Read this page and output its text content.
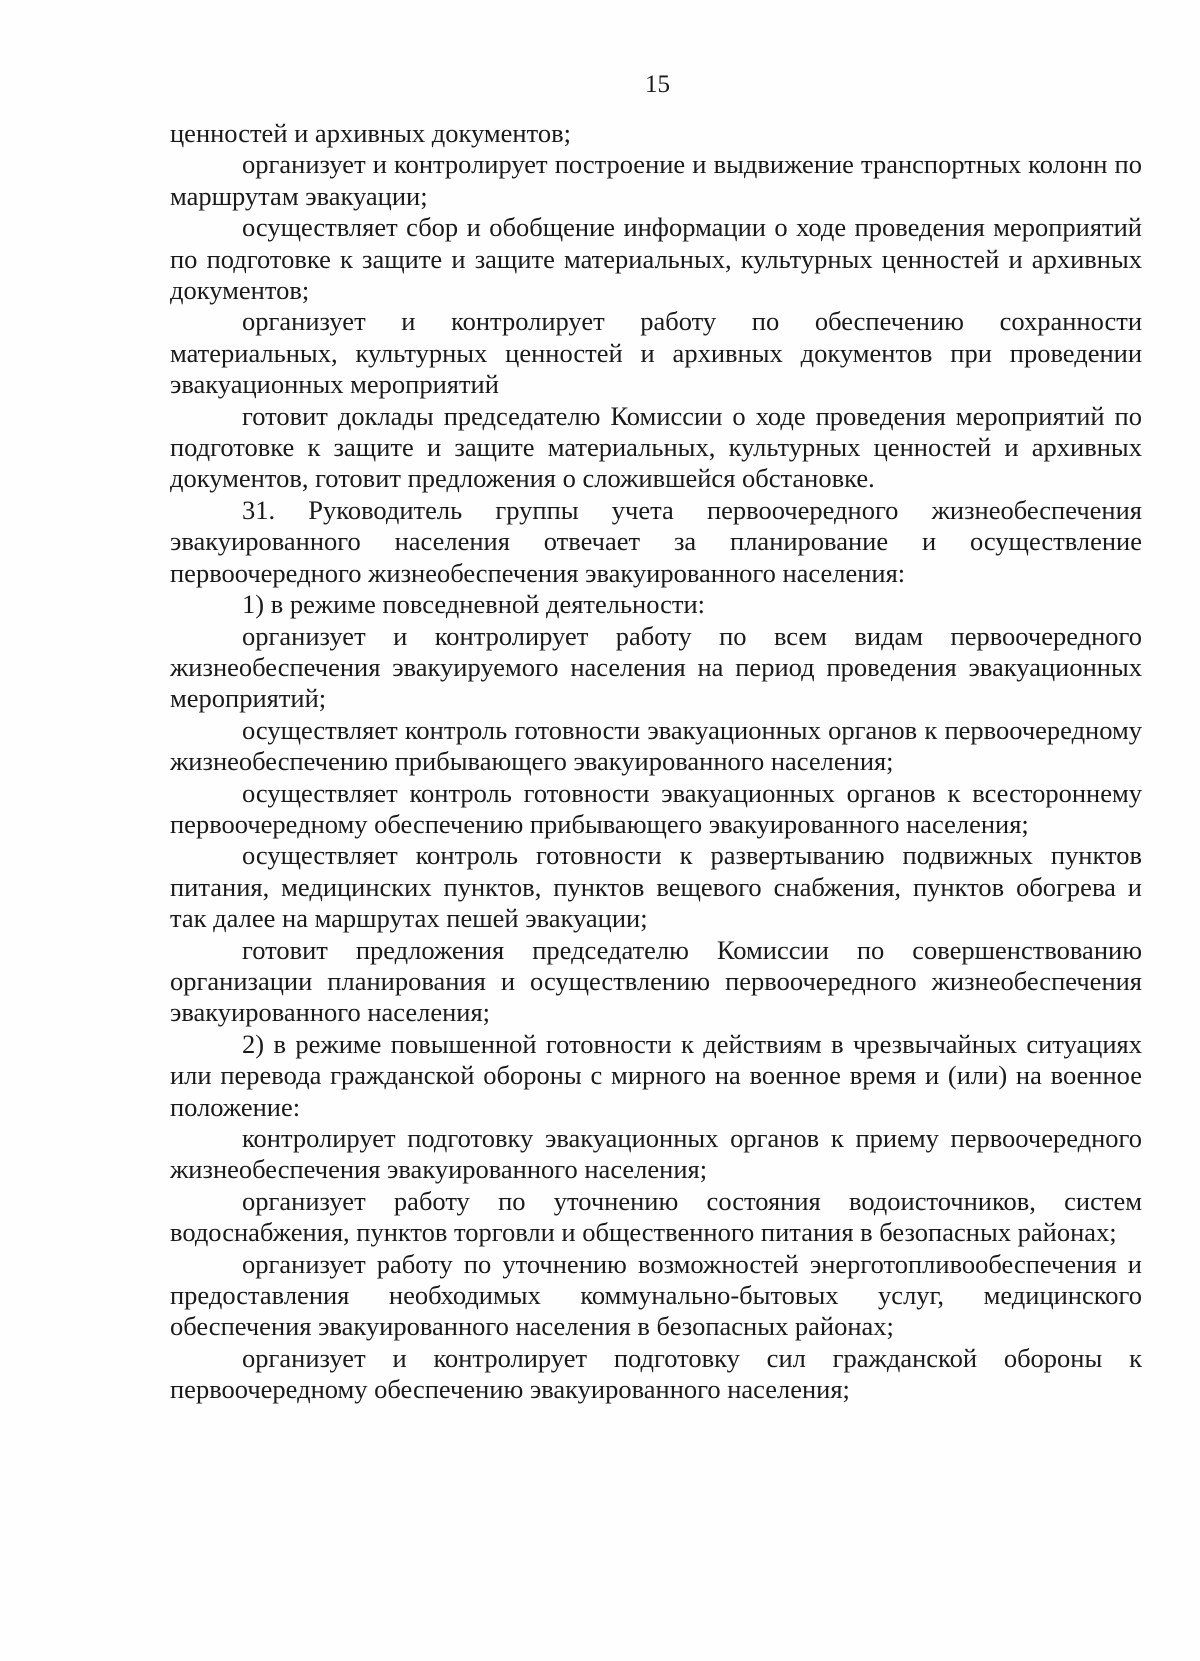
15

ценностей и архивных документов;

организует и контролирует построение и выдвижение транспортных колонн по маршрутам эвакуации;

осуществляет сбор и обобщение информации о ходе проведения мероприятий по подготовке к защите и защите материальных, культурных ценностей и архивных документов;

организует и контролирует работу по обеспечению сохранности материальных, культурных ценностей и архивных документов при проведении эвакуационных мероприятий

готовит доклады председателю Комиссии о ходе проведения мероприятий по подготовке к защите и защите материальных, культурных ценностей и архивных документов, готовит предложения о сложившейся обстановке.

31. Руководитель группы учета первоочередного жизнеобеспечения эвакуированного населения отвечает за планирование и осуществление первоочередного жизнеобеспечения эвакуированного населения:

1) в режиме повседневной деятельности:

организует и контролирует работу по всем видам первоочередного жизнеобеспечения эвакуируемого населения на период проведения эвакуационных мероприятий;

осуществляет контроль готовности эвакуационных органов к первоочередному жизнеобеспечению прибывающего эвакуированного населения;

осуществляет контроль готовности эвакуационных органов к всестороннему первоочередному обеспечению прибывающего эвакуированного населения;

осуществляет контроль готовности к развертыванию подвижных пунктов питания, медицинских пунктов, пунктов вещевого снабжения, пунктов обогрева и так далее на маршрутах пешей эвакуации;

готовит предложения председателю Комиссии по совершенствованию организации планирования и осуществлению первоочередного жизнеобеспечения эвакуированного населения;

2) в режиме повышенной готовности к действиям в чрезвычайных ситуациях или перевода гражданской обороны с мирного на военное время и (или) на военное положение:

контролирует подготовку эвакуационных органов к приему первоочередного жизнеобеспечения эвакуированного населения;

организует работу по уточнению состояния водоисточников, систем водоснабжения, пунктов торговли и общественного питания в безопасных районах;

организует работу по уточнению возможностей энерготопливообеспечения и предоставления необходимых коммунально-бытовых услуг, медицинского обеспечения эвакуированного населения в безопасных районах;

организует и контролирует подготовку сил гражданской обороны к первоочередному обеспечению эвакуированного населения;
